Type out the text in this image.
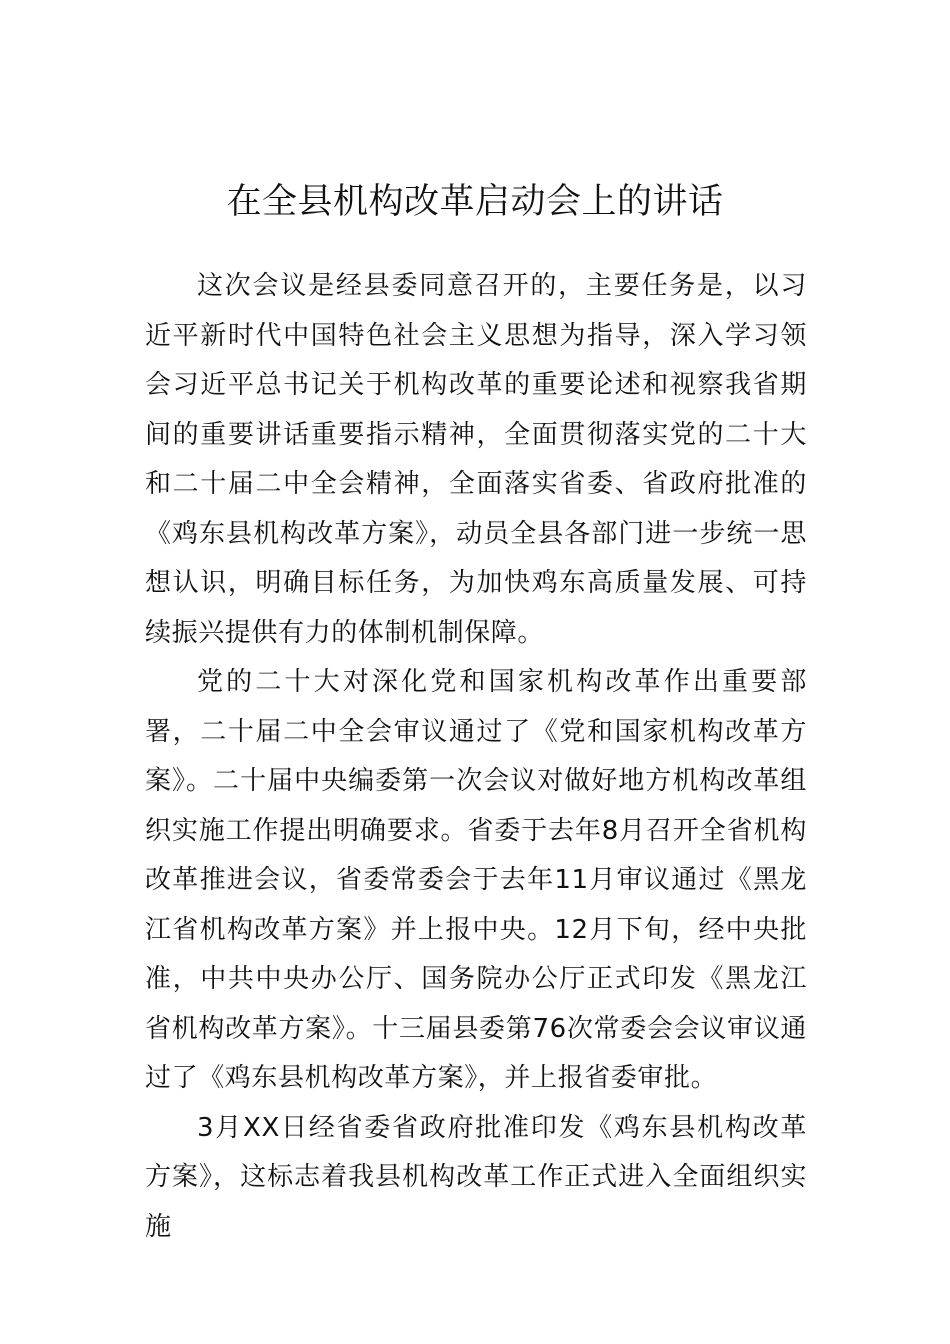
在全县机构改革启动会上的讲话

这次会议是经县委同意召开的，主要任务是，以习近平新时代中国特色社会主义思想为指导，深入学习领会习近平总书记关于机构改革的重要论述和视察我省期间的重要讲话重要指示精神，全面贯彻落实党的二十大和二十届二中全会精神，全面落实省委、省政府批准的《鸡东县机构改革方案》，动员全县各部门进一步统一思想认识，明确目标任务，为加快鸡东高质量发展、可持续振兴提供有力的体制机制保障。

党的二十大对深化党和国家机构改革作出重要部署，二十届二中全会审议通过了《党和国家机构改革方案》。二十届中央编委第一次会议对做好地方机构改革组织实施工作提出明确要求。省委于去年8月召开全省机构改革推进会议，省委常委会于去年11月审议通过《黑龙江省机构改革方案》并上报中央。12月下旬，经中央批准，中共中央办公厅、国务院办公厅正式印发《黑龙江省机构改革方案》。十三届县委第76次常委会会议审议通过了《鸡东县机构改革方案》，并上报省委审批。

3月XX日经省委省政府批准印发《鸡东县机构改革方案》，这标志着我县机构改革工作正式进入全面组织实施
